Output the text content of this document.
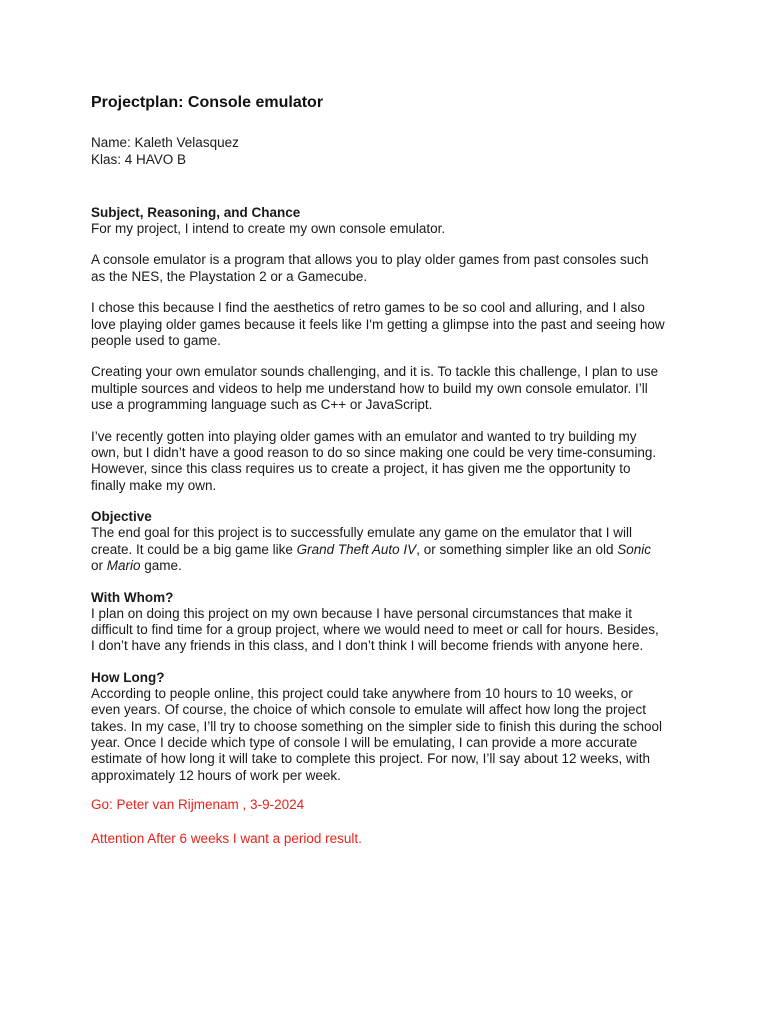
Projectplan: Console emulator
Name: Kaleth Velasquez
Klas: 4 HAVO B
Subject, Reasoning, and Chance

For my project, I intend to create my own console emulator.

A console emulator is a program that allows you to play older games from past consoles such
as the NES, the Playstation 2 or a Gamecube.

I chose this because I find the aesthetics of retro games to be so cool and alluring, and I also
love playing older games because it feels like I'm getting a glimpse into the past and seeing how
people used to game.

Creating your own emulator sounds challenging, and it is. To tackle this challenge, I plan to use
multiple sources and videos to help me understand how to build my own console emulator. I’ll
use a programming language such as C++ or JavaScript.

I’ve recently gotten into playing older games with an emulator and wanted to try building my
own, but I didn’t have a good reason to do so since making one could be very time-consuming.
However, since this class requires us to create a project, it has given me the opportunity to
finally make my own.

Objective

The end goal for this project is to successfully emulate any game on the emulator that I will
create. It could be a big game like Grand Theft Auto IV, or something simpler like an old Sonic
or Mario game.

With Whom?

I plan on doing this project on my own because I have personal circumstances that make it
difficult to find time for a group project, where we would need to meet or call for hours. Besides,
I don’t have any friends in this class, and I don’t think I will become friends with anyone here.

How Long?

According to people online, this project could take anywhere from 10 hours to 10 weeks, or
even years. Of course, the choice of which console to emulate will affect how long the project
takes. In my case, I’ll try to choose something on the simpler side to finish this during the school
year. Once I decide which type of console I will be emulating, I can provide a more accurate
estimate of how long it will take to complete this project. For now, I’ll say about 12 weeks, with
approximately 12 hours of work per week.

Go: Peter van Rijmenam , 3-9-2024

Attention After 6 weeks I want a period result.
